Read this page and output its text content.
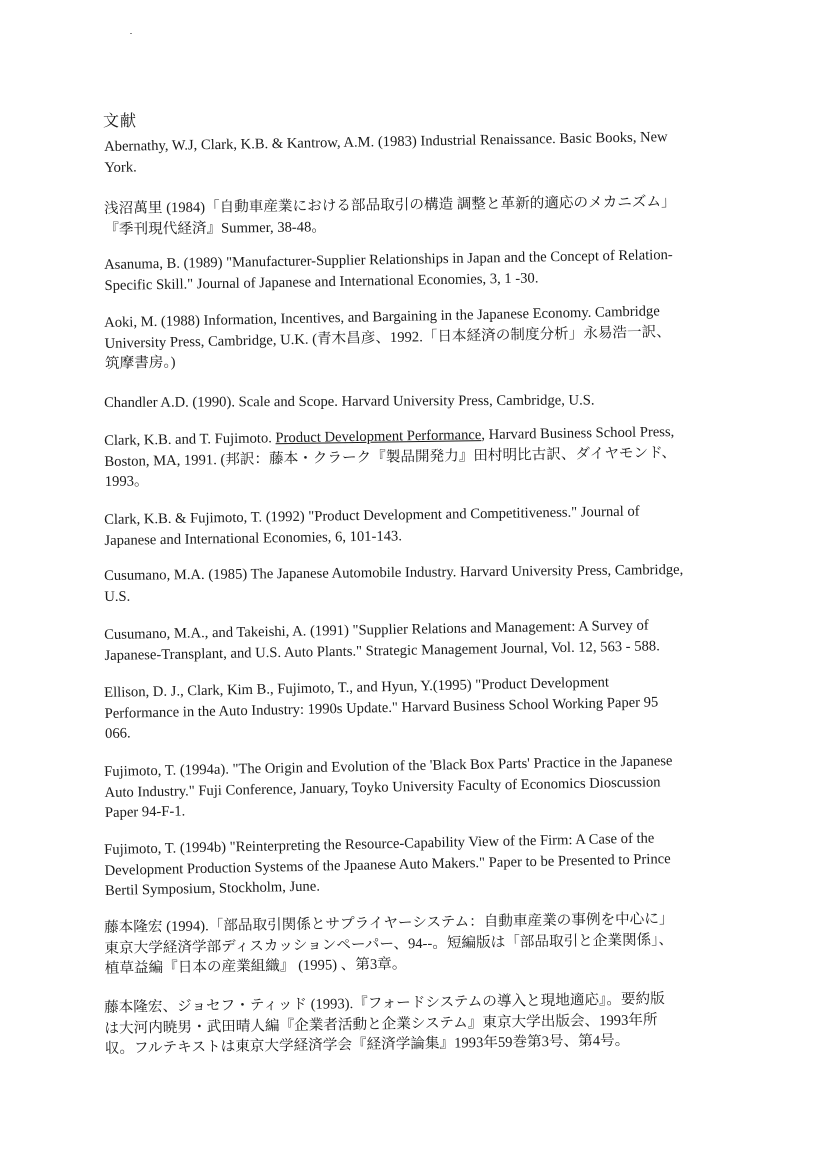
文献

Abernathy, W.J, Clark, K.B. & Kantrow, A.M. (1983) Industrial Renaissance. Basic Books, New
York.

浅沼萬里 (1984)「自動車産業における部品取引の構造 調整と革新的適応のメカニズム」
『季刊現代経済』Summer, 38-48。

Asanuma, B. (1989) "Manufacturer-Supplier Relationships in Japan and the Concept of Relation-
Specific Skill." Journal of Japanese and International Economies, 3, 1 -30.

Aoki, M. (1988) Information, Incentives, and Bargaining in the Japanese Economy. Cambridge
University Press, Cambridge, U.K. (青木昌彦、1992.「日本経済の制度分析」永易浩一訳、
筑摩書房。)

Chandler A.D. (1990). Scale and Scope. Harvard University Press, Cambridge, U.S.

Clark, K.B. and T. Fujimoto. Product Development Performance, Harvard Business School Press,
Boston, MA, 1991. (邦訳：藤本・クラーク『製品開発力』田村明比古訳、ダイヤモンド、
1993。

Clark, K.B. & Fujimoto, T. (1992) "Product Development and Competitiveness." Journal of
Japanese and International Economies, 6, 101-143.

Cusumano, M.A. (1985) The Japanese Automobile Industry. Harvard University Press, Cambridge,
U.S.

Cusumano, M.A., and Takeishi, A. (1991) "Supplier Relations and Management: A Survey of
Japanese-Transplant, and U.S. Auto Plants." Strategic Management Journal, Vol. 12, 563 - 588.

Ellison, D. J., Clark, Kim B., Fujimoto, T., and Hyun, Y.(1995) "Product Development
Performance in the Auto Industry: 1990s Update." Harvard Business School Working Paper 95
066.

Fujimoto, T. (1994a). "The Origin and Evolution of the 'Black Box Parts' Practice in the Japanese
Auto Industry." Fuji Conference, January, Toyko University Faculty of Economics Dioscussion
Paper 94-F-1.

Fujimoto, T. (1994b) "Reinterpreting the Resource-Capability View of the Firm: A Case of the
Development Production Systems of the Jpaanese Auto Makers." Paper to be Presented to Prince
Bertil Symposium, Stockholm, June.

藤本隆宏 (1994).「部品取引関係とサプライヤーシステム：自動車産業の事例を中心に」
東京大学経済学部ディスカッションペーパー、94--。短編版は「部品取引と企業関係」、
植草益編『日本の産業組織』 (1995) 、第3章。

藤本隆宏、ジョセフ・ティッド (1993).『フォードシステムの導入と現地適応』。要約版
は大河内暁男・武田晴人編『企業者活動と企業システム』東京大学出版会、1993年所
収。フルテキストは東京大学経済学会『経済学論集』1993年59巻第3号、第4号。
